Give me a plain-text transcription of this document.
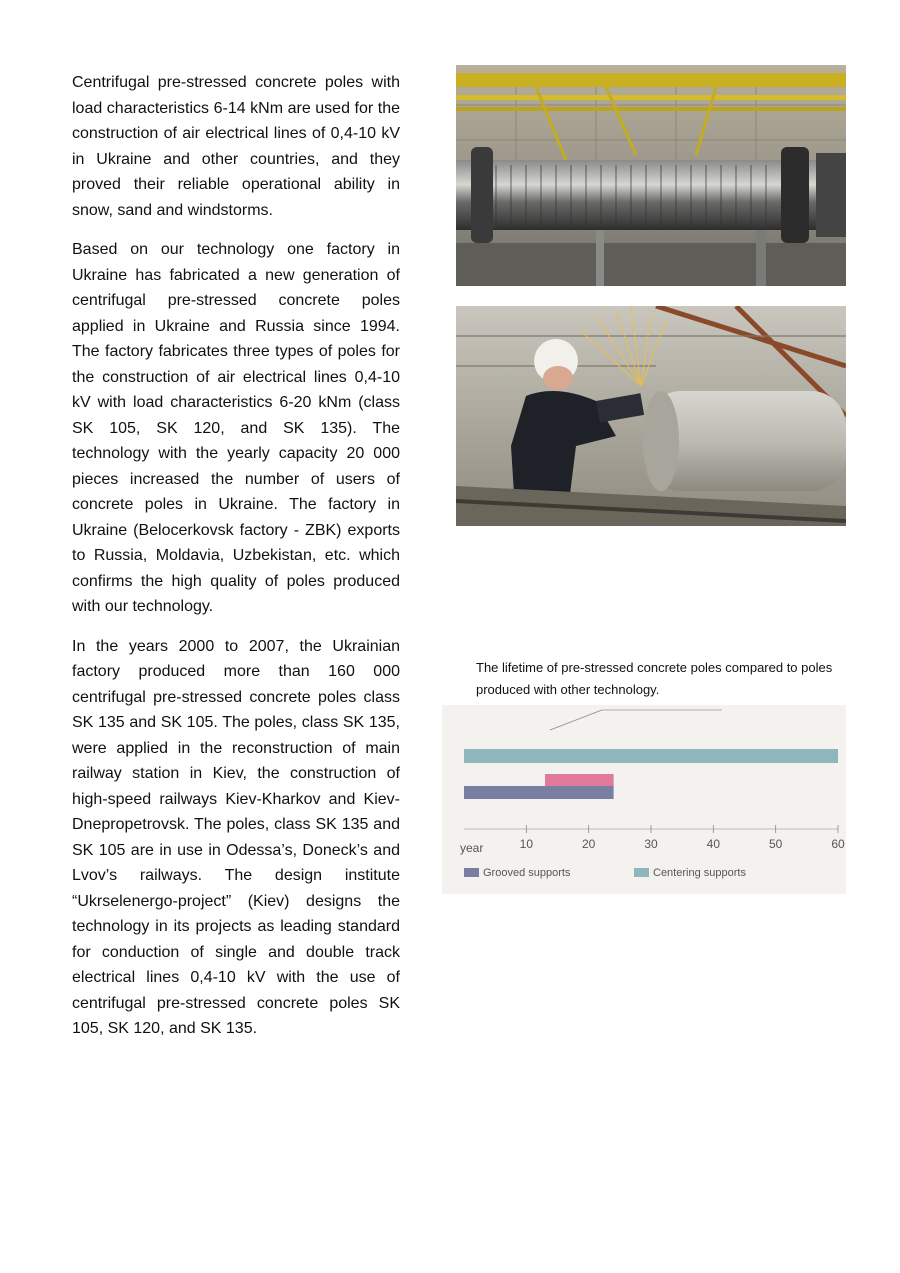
Centrifugal pre-stressed concrete poles with load characteristics 6-14 kNm are used for the construction of air electrical lines of 0,4-10 kV in Ukraine and other countries, and they proved their reliable operational ability in snow, sand and windstorms.

Based on our technology one factory in Ukraine has fabricated a new generation of centrifugal pre-stressed concrete poles applied in Ukraine and Russia since 1994. The factory fabricates three types of poles for the construction of air electrical lines 0,4-10 kV with load characteristics 6-20 kNm (class SK 105, SK 120, and SK 135). The technology with the yearly capacity 20 000 pieces increased the number of users of concrete poles in Ukraine. The factory in Ukraine (Belocerkovsk factory - ZBK) exports to Russia, Moldavia, Uzbekistan, etc. which confirms the high quality of poles produced with our technology.

In the years 2000 to 2007, the Ukrainian factory produced more than 160 000 centrifugal pre-stressed concrete poles class SK 135 and SK 105. The poles, class SK 135, were applied in the reconstruction of main railway station in Kiev, the construction of high-speed railways Kiev-Kharkov and Kiev-Dnepropetrovsk. The poles, class SK 135 and SK 105 are in use in Odessa’s, Doneck’s and Lvov’s railways. The design institute “Ukrselenergo-project” (Kiev) designs the technology in its projects as leading standard for conduction of single and double track electrical lines 0,4-10 kV with the use of centrifugal pre-stressed concrete poles SK 105, SK 120, and SK 135.

The lifetime of pre-stressed concrete poles compared to poles produced with other technology.
10	20	30	40	50	60
year
Grooved supports	Centering supports
